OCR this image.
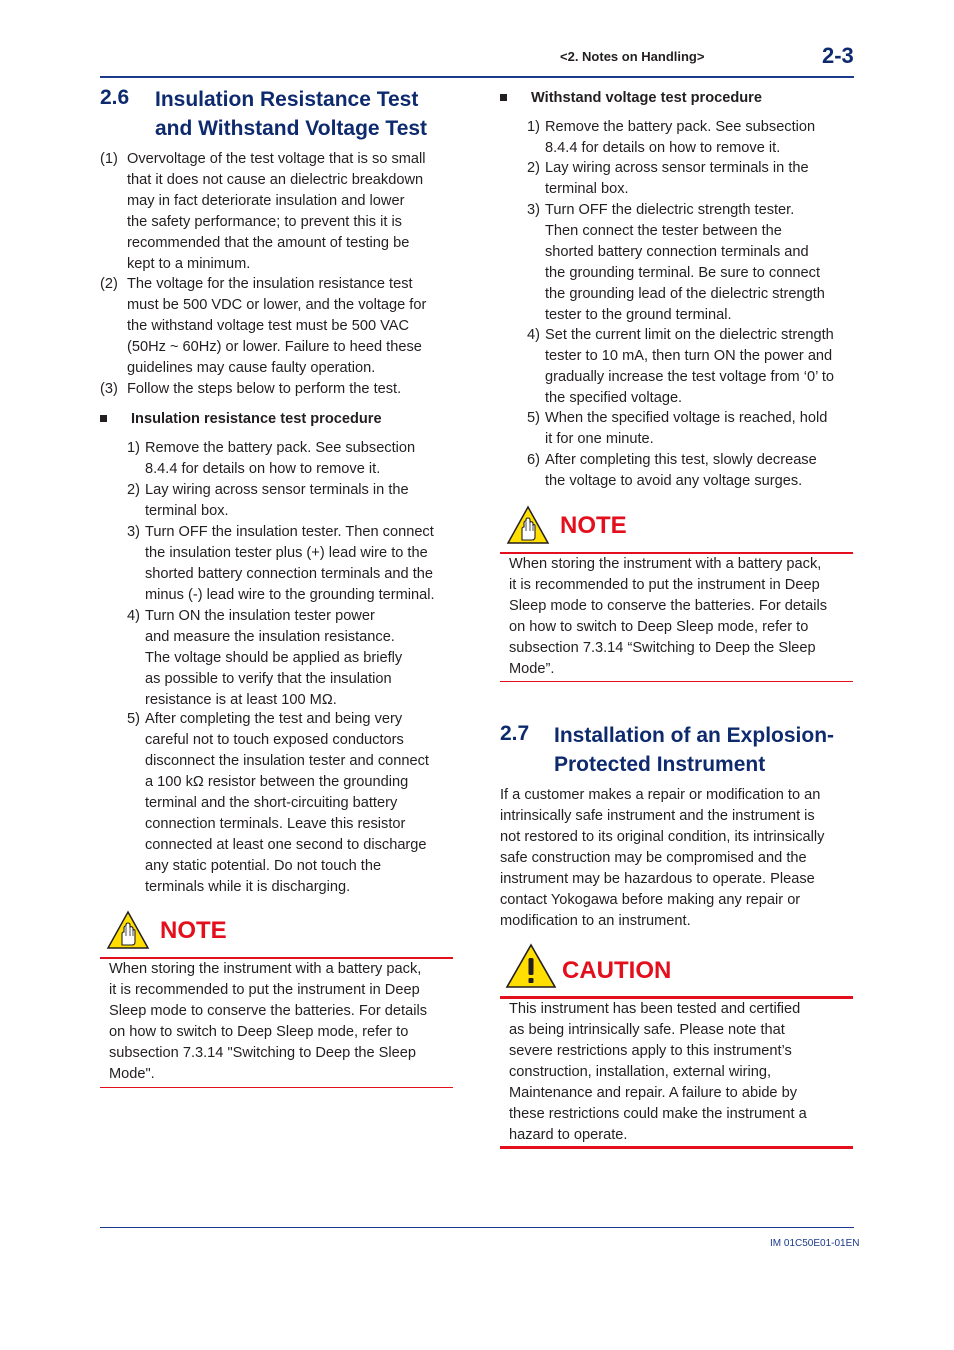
<2. Notes on Handling>	2-3
2.6 Insulation Resistance Test
and Withstand Voltage Test
(1) Overvoltage of the test voltage that is so small
that it does not cause an dielectric breakdown
may in fact deteriorate insulation and lower
the safety performance; to prevent this it is
recommended that the amount of testing be
kept to a minimum.
(2) The voltage for the insulation resistance test
must be 500 VDC or lower, and the voltage for
the withstand voltage test must be 500 VAC
(50Hz ~ 60Hz) or lower. Failure to heed these
guidelines may cause faulty operation.
(3) Follow the steps below to perform the test.
Insulation resistance test procedure
1) Remove the battery pack. See subsection
8.4.4 for details on how to remove it.
2) Lay wiring across sensor terminals in the
terminal box.
3) Turn OFF the insulation tester. Then connect
the insulation tester plus (+) lead wire to the
shorted battery connection terminals and the
minus (-) lead wire to the grounding terminal.
4) Turn ON the insulation tester power
and measure the insulation resistance.
The voltage should be applied as briefly
as possible to verify that the insulation
resistance is at least 100 MΩ.
5) After completing the test and being very
careful not to touch exposed conductors
disconnect the insulation tester and connect
a 100 kΩ resistor between the grounding
terminal and the short-circuiting battery
connection terminals. Leave this resistor
connected at least one second to discharge
any static potential. Do not touch the
terminals while it is discharging.
NOTE
When storing the instrument with a battery pack,
it is recommended to put the instrument in Deep
Sleep mode to conserve the batteries. For details
on how to switch to Deep Sleep mode, refer to
subsection 7.3.14 "Switching to Deep the Sleep
Mode".
Withstand voltage test procedure
1) Remove the battery pack. See subsection
8.4.4 for details on how to remove it.
2) Lay wiring across sensor terminals in the
terminal box.
3) Turn OFF the dielectric strength tester.
Then connect the tester between the
shorted battery connection terminals and
the grounding terminal. Be sure to connect
the grounding lead of the dielectric strength
tester to the ground terminal.
4) Set the current limit on the dielectric strength
tester to 10 mA, then turn ON the power and
gradually increase the test voltage from ‘0’ to
the specified voltage.
5) When the specified voltage is reached, hold
it for one minute.
6) After completing this test, slowly decrease
the voltage to avoid any voltage surges.
NOTE
When storing the instrument with a battery pack,
it is recommended to put the instrument in Deep
Sleep mode to conserve the batteries. For details
on how to switch to Deep Sleep mode, refer to
subsection 7.3.14 “Switching to Deep the Sleep
Mode”.
2.7 Installation of an Explosion-
Protected Instrument
If a customer makes a repair or modification to an
intrinsically safe instrument and the instrument is
not restored to its original condition, its intrinsically
safe construction may be compromised and the
instrument may be hazardous to operate. Please
contact Yokogawa before making any repair or
modification to an instrument.
CAUTION
This instrument has been tested and certified
as being intrinsically safe. Please note that
severe restrictions apply to this instrument’s
construction, installation, external wiring,
Maintenance and repair. A failure to abide by
these restrictions could make the instrument a
hazard to operate.
IM 01C50E01-01EN
